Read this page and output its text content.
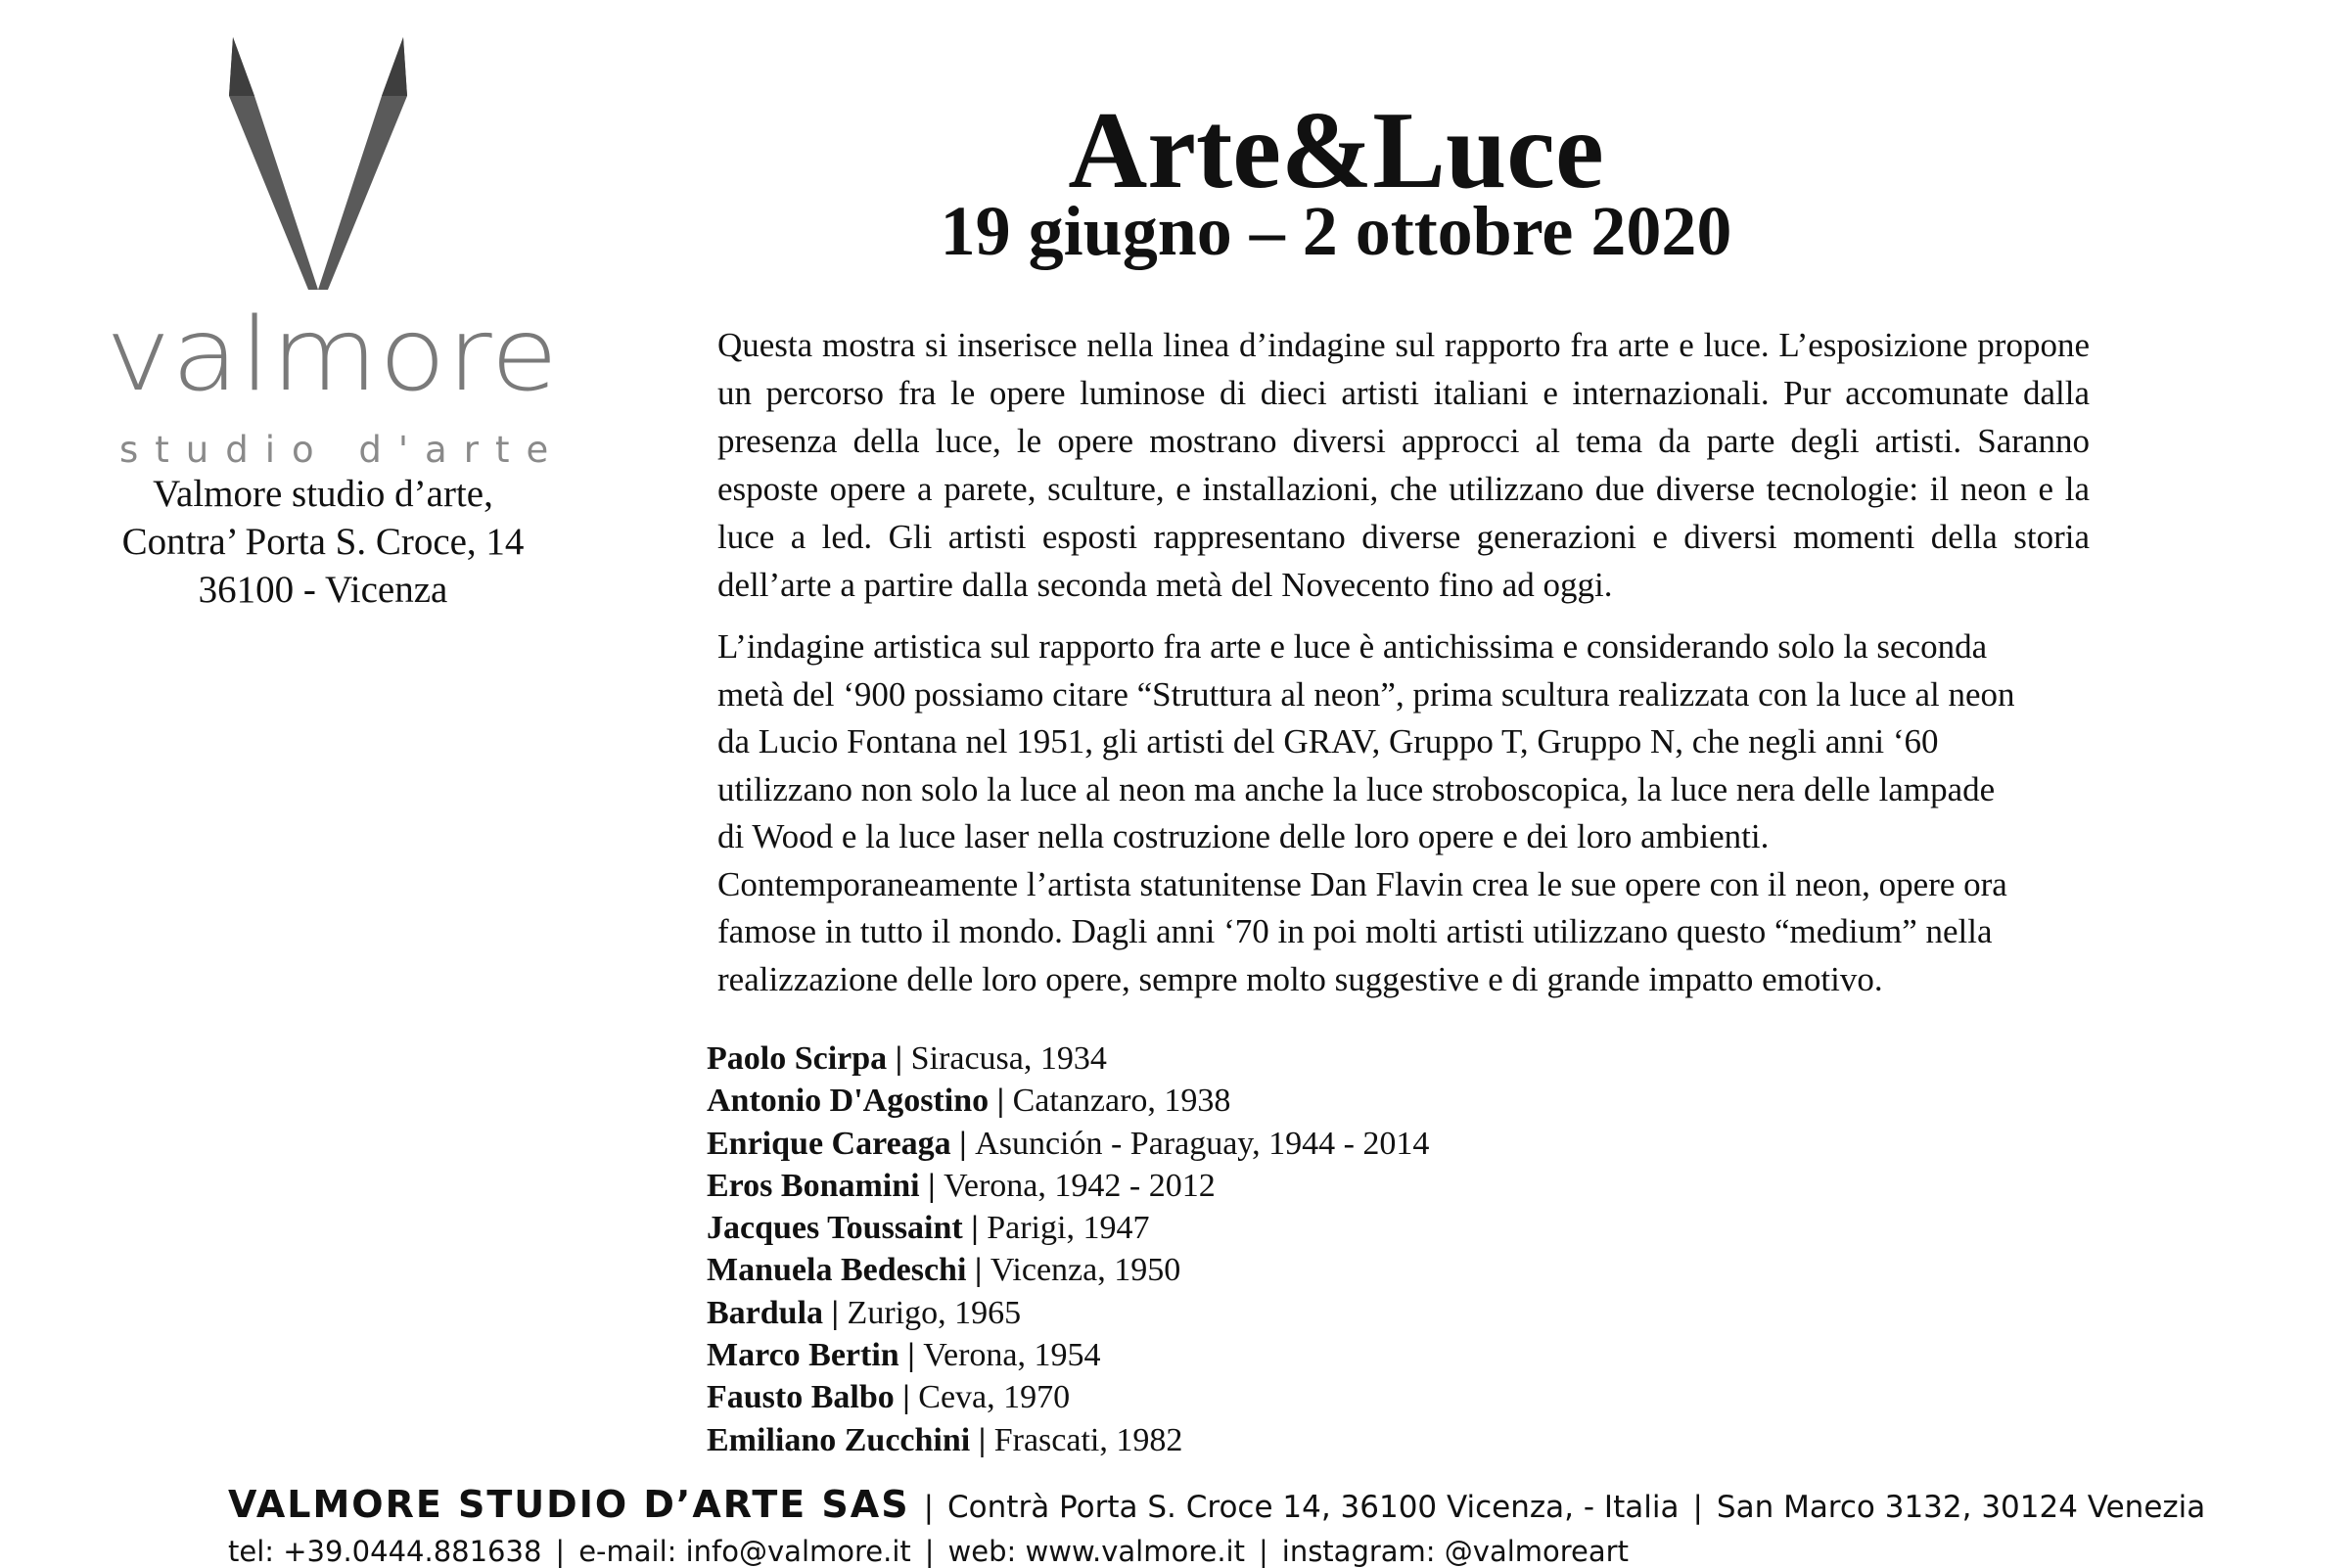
valmore
studio d'arte
Valmore studio d’arte,
Contra’ Porta S. Croce, 14
36100 - Vicenza
Arte&Luce
19 giugno – 2 ottobre 2020
Questa mostra si inserisce nella linea d’indagine sul rapporto fra arte e luce. L’esposizione propone un percorso fra le opere luminose di dieci artisti italiani e internazionali. Pur accomunate dalla presenza della luce, le opere mostrano diversi approcci al tema da parte degli artisti. Saranno esposte opere a parete, sculture, e installazioni, che utilizzano due diverse tecnologie: il neon e la luce a led. Gli artisti esposti rappresentano diverse generazioni e diversi momenti della storia dell’arte a partire dalla seconda metà del Novecento fino ad oggi.
L’indagine artistica sul rapporto fra arte e luce è antichissima e considerando solo la seconda
metà del ‘900 possiamo citare “Struttura al neon”, prima scultura realizzata con la luce al neon
da Lucio Fontana nel 1951, gli artisti del GRAV, Gruppo T, Gruppo N, che negli anni ‘60
utilizzano non solo la luce al neon ma anche la luce stroboscopica, la luce nera delle lampade
di Wood e la luce laser nella costruzione delle loro opere e dei loro ambienti.
Contemporaneamente l’artista statunitense Dan Flavin crea le sue opere con il neon, opere ora
famose in tutto il mondo. Dagli anni ‘70 in poi molti artisti utilizzano questo “medium” nella
realizzazione delle loro opere, sempre molto suggestive e di grande impatto emotivo.
Paolo Scirpa | Siracusa, 1934
Antonio D'Agostino | Catanzaro, 1938
Enrique Careaga | Asunción - Paraguay, 1944 - 2014
Eros Bonamini | Verona, 1942 - 2012
Jacques Toussaint | Parigi, 1947
Manuela Bedeschi | Vicenza, 1950
Bardula | Zurigo, 1965
Marco Bertin | Verona, 1954
Fausto Balbo | Ceva, 1970
Emiliano Zucchini | Frascati, 1982
VALMORE STUDIO D’ARTE SAS | Contrà Porta S. Croce 14, 36100 Vicenza, - Italia | San Marco 3132, 30124 Venezia
tel: +39.0444.881638 | e-mail: info@valmore.it | web: www.valmore.it | instagram: @valmoreart
